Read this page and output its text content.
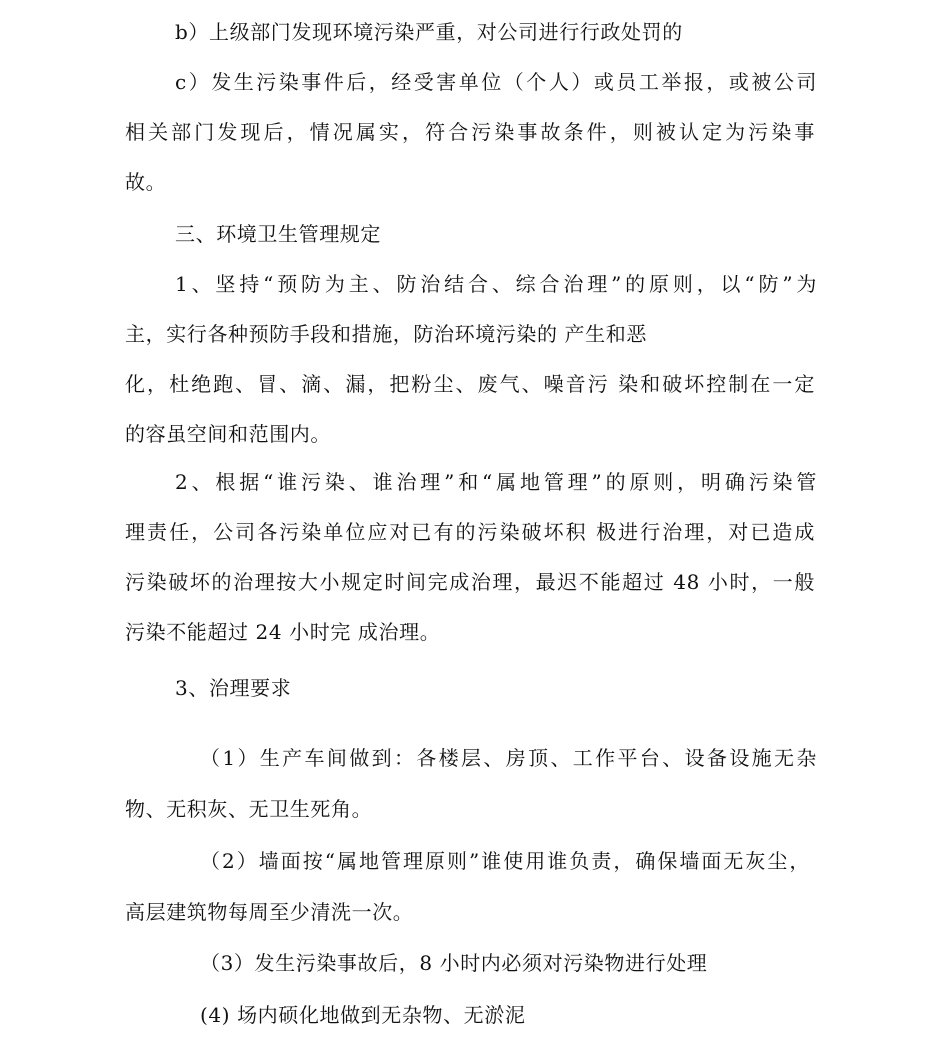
b）上级部门发现环境污染严重，对公司进行行政处罚的
c）发生污染事件后，经受害单位（个人）或员工举报，或被公司
相关部门发现后，情况属实，符合污染事故条件，则被认定为污染事
故。
三、环境卫生管理规定
1、坚持“预防为主、防治结合、综合治理”的原则，以“防”为
主，实行各种预防手段和措施，防治环境污染的 产生和恶
化，杜绝跑、冒、滴、漏，把粉尘、废气、噪音污 染和破坏控制在一定
的容虽空间和范围内。
2、根据“谁污染、谁治理”和“属地管理”的原则，明确污染管
理责任，公司各污染单位应对已有的污染破坏积 极进行治理，对已造成
污染破坏的治理按大小规定时间完成治理，最迟不能超过 48 小时，一般
污染不能超过 24 小时完 成治理。
3、治理要求
（1）生产车间做到：各楼层、房顶、工作平台、设备设施无杂
物、无积灰、无卫生死角。
（2）墙面按“属地管理原则”谁使用谁负责，确保墙面无灰尘，
高层建筑物每周至少清洗一次。
（3）发生污染事故后，8 小时内必须对污染物进行处理
(4) 场内硕化地做到无杂物、无淤泥
